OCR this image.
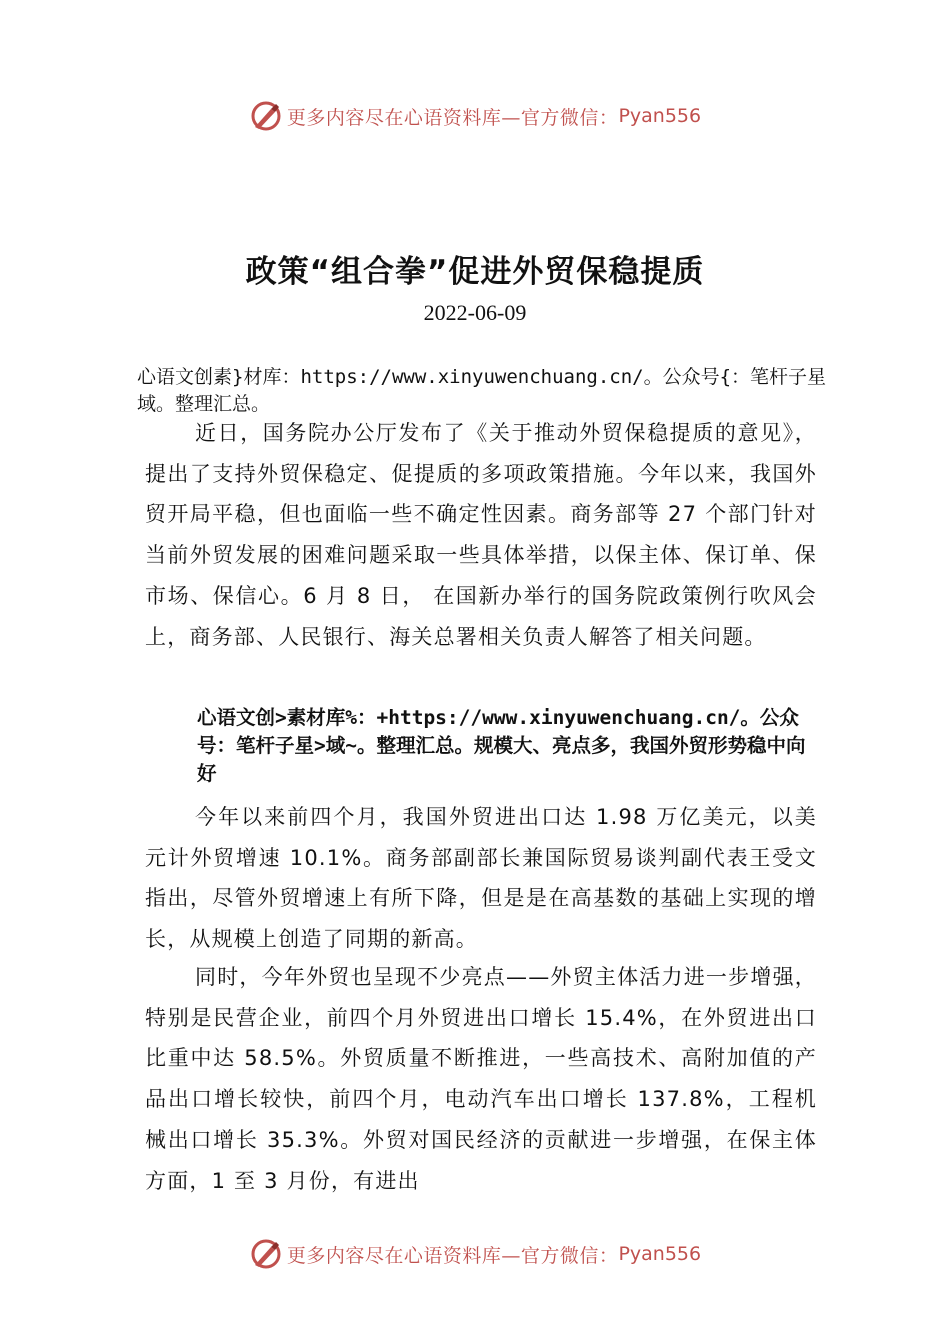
更多内容尽在心语资料库— 官方微信： Pyan556
政策“组合拳”促进外贸保稳提质
2022-06-09
心语文创素}材库：https://www.xinyuwenchuang.cn/。公众号{：笔杆子星域。整理汇总。
近日，国务院办公厅发布了《关于推动外贸保稳提质的意见》，提出了支持外贸保稳定、促提质的多项政策措施。今年以来，我国外贸开局平稳，但也面临一些不确定性因素。商务部等 27 个部门针对当前外贸发展的困难问题采取一些具体举措，以保主体、保订单、保市场、保信心。6 月 8 日， 在国新办举行的国务院政策例行吹风会上，商务部、人民银行、海关总署相关负责人解答了相关问题。
心语文创>素材库%：+https://www.xinyuwenchuang.cn/。公众号：笔杆子星>域~。整理汇总。规模大、亮点多，我国外贸形势稳中向好
今年以来前四个月，我国外贸进出口达 1.98 万亿美元，以美元计外贸增速 10.1%。商务部副部长兼国际贸易谈判副代表王受文指出，尽管外贸增速上有所下降，但是是在高基数的基础上实现的增长，从规模上创造了同期的新高。
同时，今年外贸也呈现不少亮点——外贸主体活力进一步增强，特别是民营企业，前四个月外贸进出口增长 15.4%，在外贸进出口比重中达 58.5%。外贸质量不断推进，一些高技术、高附加值的产品出口增长较快，前四个月，电动汽车出口增长 137.8%，工程机械出口增长 35.3%。外贸对国民经济的贡献进一步增强，在保主体方面，1 至 3 月份，有进出
更多内容尽在心语资料库— 官方微信： Pyan556
